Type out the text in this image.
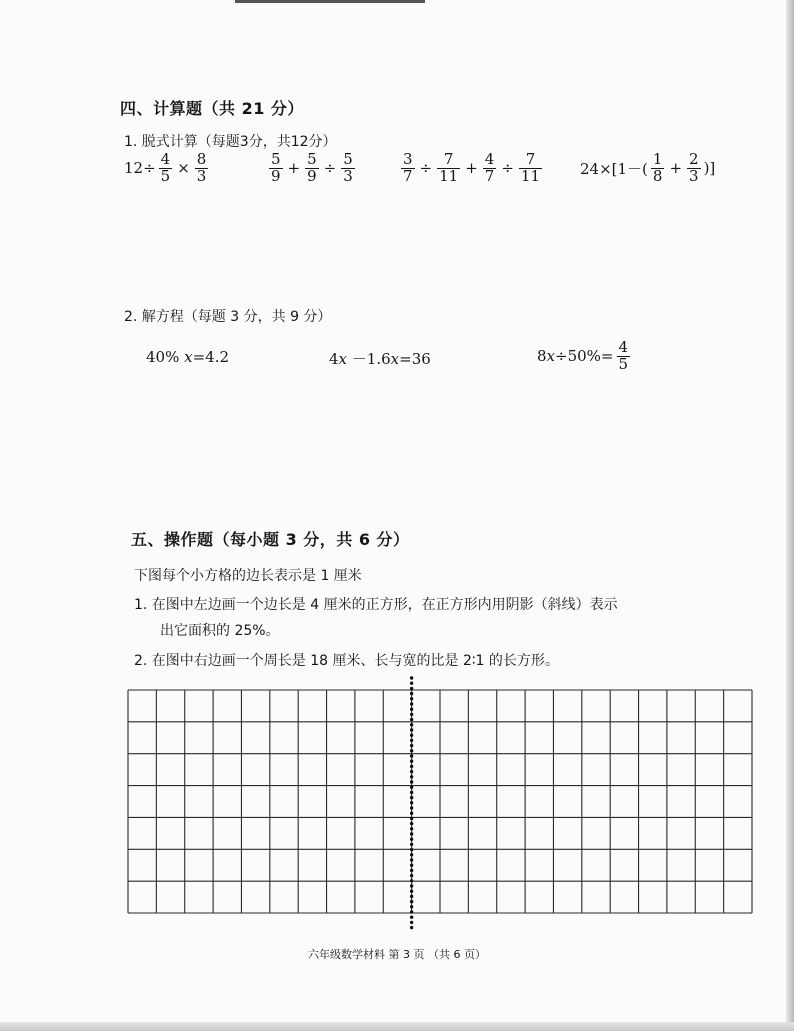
四、计算题（共 21 分）
1. 脱式计算（每题3分，共12分）
$12\div \frac{4}{5} \times \frac{8}{3}$	$\frac{5}{9} + \frac{5}{9} \div \frac{5}{3}$	$\frac{3}{7} \div \frac{7}{11} + \frac{4}{7} \div \frac{7}{11}$	$24\times[1-( \frac{1}{8} + \frac{2}{3}$ )]
2. 解方程（每题 3 分，共 9 分）
40%
x =4.2	4 x
－1.6 x =36	8 $x \div 50\%= \frac{4}{5}$
五、操作题（每小题 3 分，共 6 分）
下图每个小方格的边长表示是 1 厘米
1. 在图中左边画一个边长是 4 厘米的正方形，在正方形内用阴影（斜线）表示
出它面积的 25%。
2. 在图中右边画一个周长是 18 厘米、长与宽的比是 2∶1 的长方形。
六年级数学材料 第 3 页 （共 6 页）
